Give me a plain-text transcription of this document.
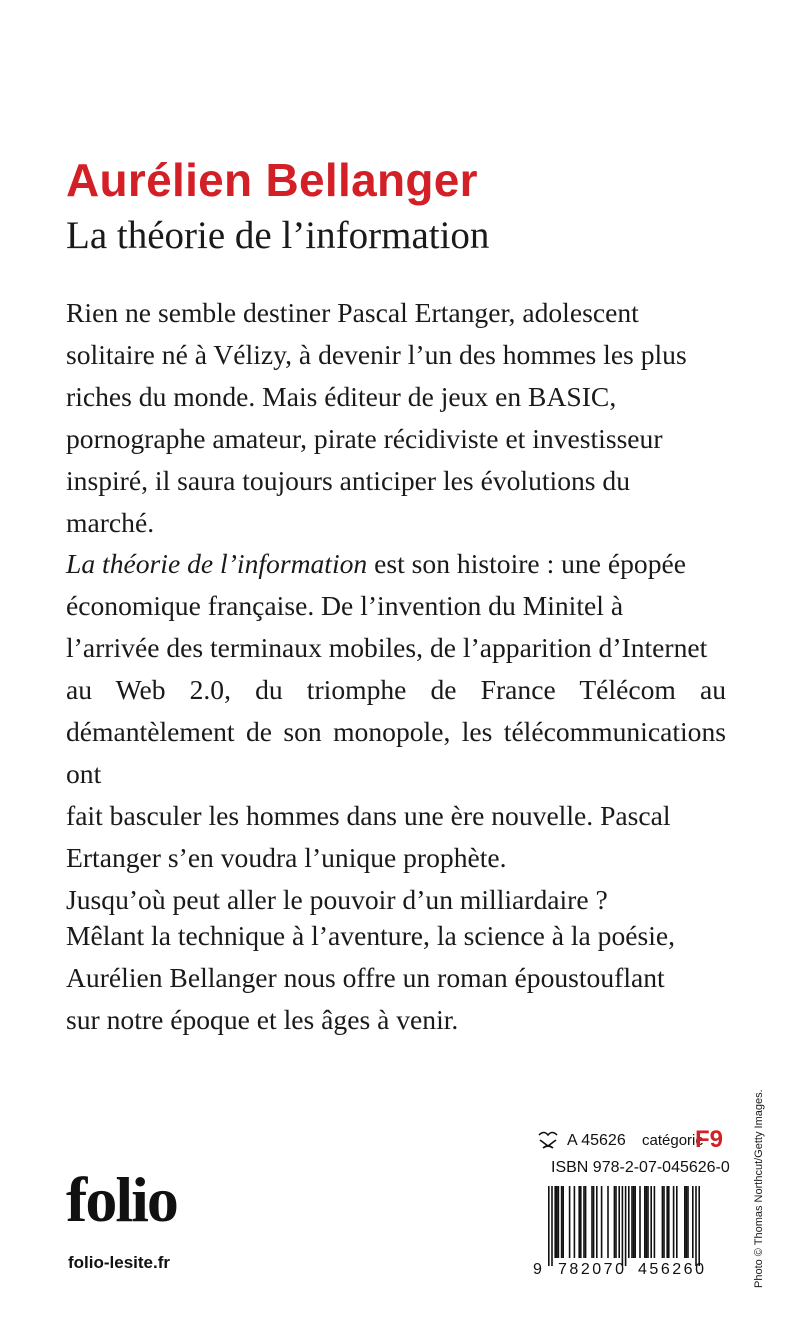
Aurélien Bellanger
La théorie de l’information

Rien ne semble destiner Pascal Ertanger, adolescent
solitaire né à Vélizy, à devenir l’un des hommes les plus
riches du monde. Mais éditeur de jeux en BASIC,
pornographe amateur, pirate récidiviste et investisseur
inspiré, il saura toujours anticiper les évolutions du
marché.

La théorie de l’information est son histoire : une épopée
économique française. De l’invention du Minitel à
l’arrivée des terminaux mobiles, de l’apparition d’Internet
au Web 2.0, du triomphe de France Télécom au démantèlement de son monopole, les télécommunications ont
fait basculer les hommes dans une ère nouvelle. Pascal
Ertanger s’en voudra l’unique prophète.
Jusqu’où peut aller le pouvoir d’un milliardaire ?

Mêlant la technique à l’aventure, la science à la poésie,
Aurélien Bellanger nous offre un roman époustouflant
sur notre époque et les âges à venir.

Photo © Thomas Northcut/Getty Images.
A 45626 catégorie
F9
ISBN 978-2-07-045626-0
9 782070 456260
folio
folio-lesite.fr
